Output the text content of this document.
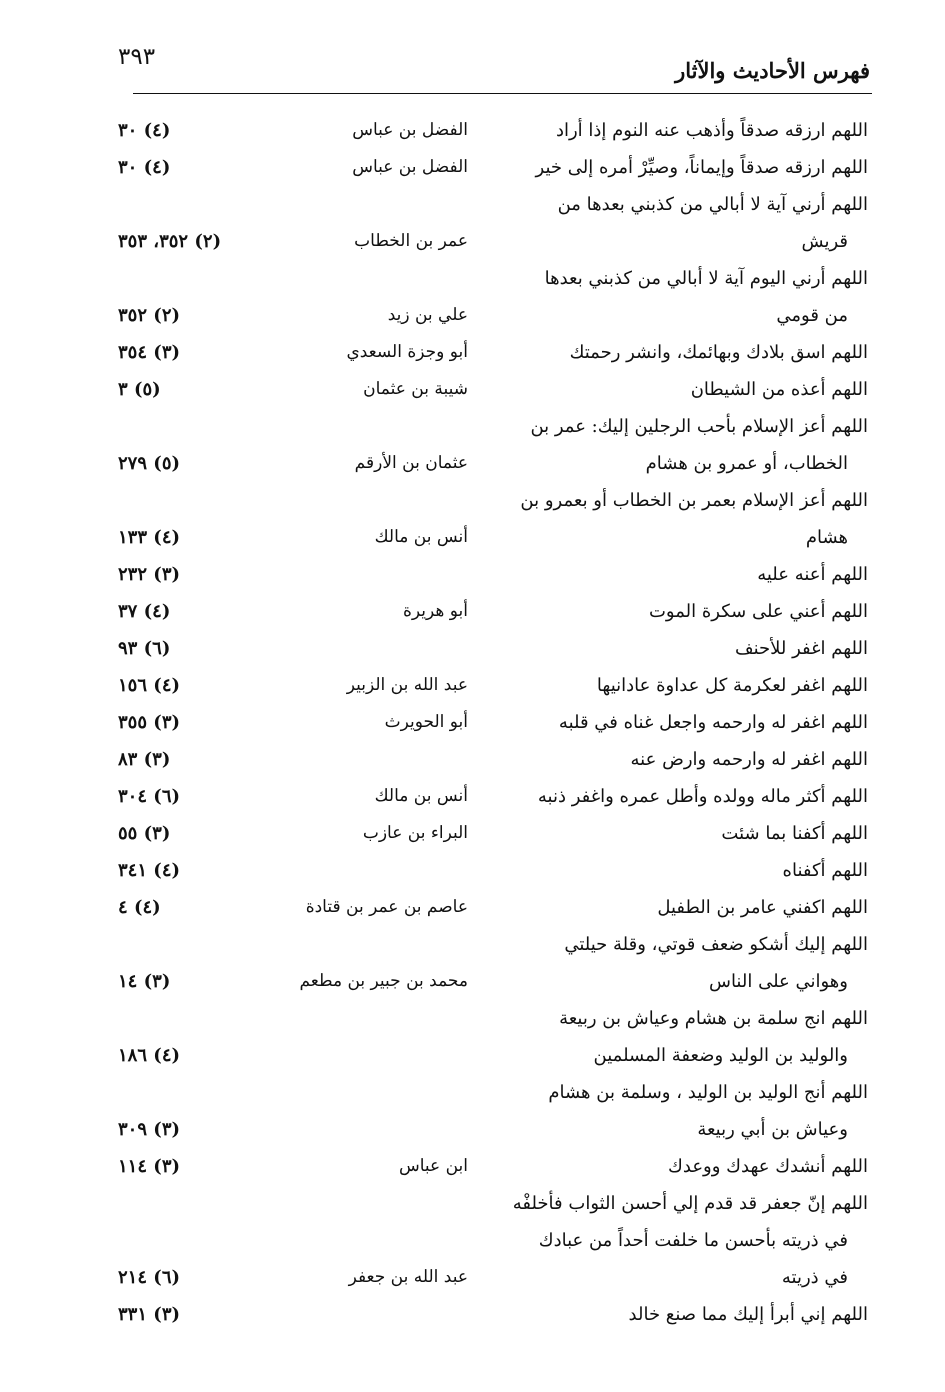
٣٩٣
فهرس الأحاديث والآثار
اللهم ارزقه صدقاً وأذهب عنه النوم إذا أراد
الفضل بن عباس
(٤) ٣٠
اللهم ارزقه صدقاً وإيماناً، وصيِّرْ أمره إلى خير
الفضل بن عباس
(٤) ٣٠
اللهم أرني آية لا أبالي من كذبني بعدها من
قريش
عمر بن الخطاب
(٢) ٣٥٢، ٣٥٣
اللهم أرني اليوم آية لا أبالي من كذبني بعدها
من قومي
علي بن زيد
(٢) ٣٥٢
اللهم اسق بلادك وبهائمك، وانشر رحمتك
أبو وجزة السعدي
(٣) ٣٥٤
اللهم أعذه من الشيطان
شيبة بن عثمان
(٥) ٣
اللهم أعز الإسلام بأحب الرجلين إليك: عمر بن
الخطاب، أو عمرو بن هشام
عثمان بن الأرقم
(٥) ٢٧٩
اللهم أعز الإسلام بعمر بن الخطاب أو بعمرو بن
هشام
أنس بن مالك
(٤) ١٣٣
اللهم أعنه عليه
(٣) ٢٣٢
اللهم أعني على سكرة الموت
أبو هريرة
(٤) ٣٧
اللهم اغفر للأحنف
(٦) ٩٣
اللهم اغفر لعكرمة كل عداوة عادانيها
عبد الله بن الزبير
(٤) ١٥٦
اللهم اغفر له وارحمه واجعل غناه في قلبه
أبو الحويرث
(٣) ٣٥٥
اللهم اغفر له وارحمه وارض عنه
(٣) ٨٣
اللهم أكثر ماله وولده وأطل عمره واغفر ذنبه
أنس بن مالك
(٦) ٣٠٤
اللهم أكفنا بما شئت
البراء بن عازب
(٣) ٥٥
اللهم أكفناه
(٤) ٣٤١
اللهم اكفني عامر بن الطفيل
عاصم بن عمر بن قتادة
(٤) ٤
اللهم إليك أشكو ضعف قوتي، وقلة حيلتي
وهواني على الناس
محمد بن جبير بن مطعم
(٣) ١٤
اللهم انج سلمة بن هشام وعياش بن ربيعة
والوليد بن الوليد وضعفة المسلمين
(٤) ١٨٦
اللهم أنج الوليد بن الوليد ، وسلمة بن هشام
وعياش بن أبي ربيعة
(٣) ٣٠٩
اللهم أنشدك عهدك ووعدك
ابن عباس
(٣) ١١٤
اللهم إنّ جعفر قد قدم إلي أحسن الثواب فأخلفْه
في ذريته بأحسن ما خلفت أحداً من عبادك
في ذريته
عبد الله بن جعفر
(٦) ٢١٤
اللهم إني أبرأ إليك مما صنع خالد
(٣) ٣٣١
